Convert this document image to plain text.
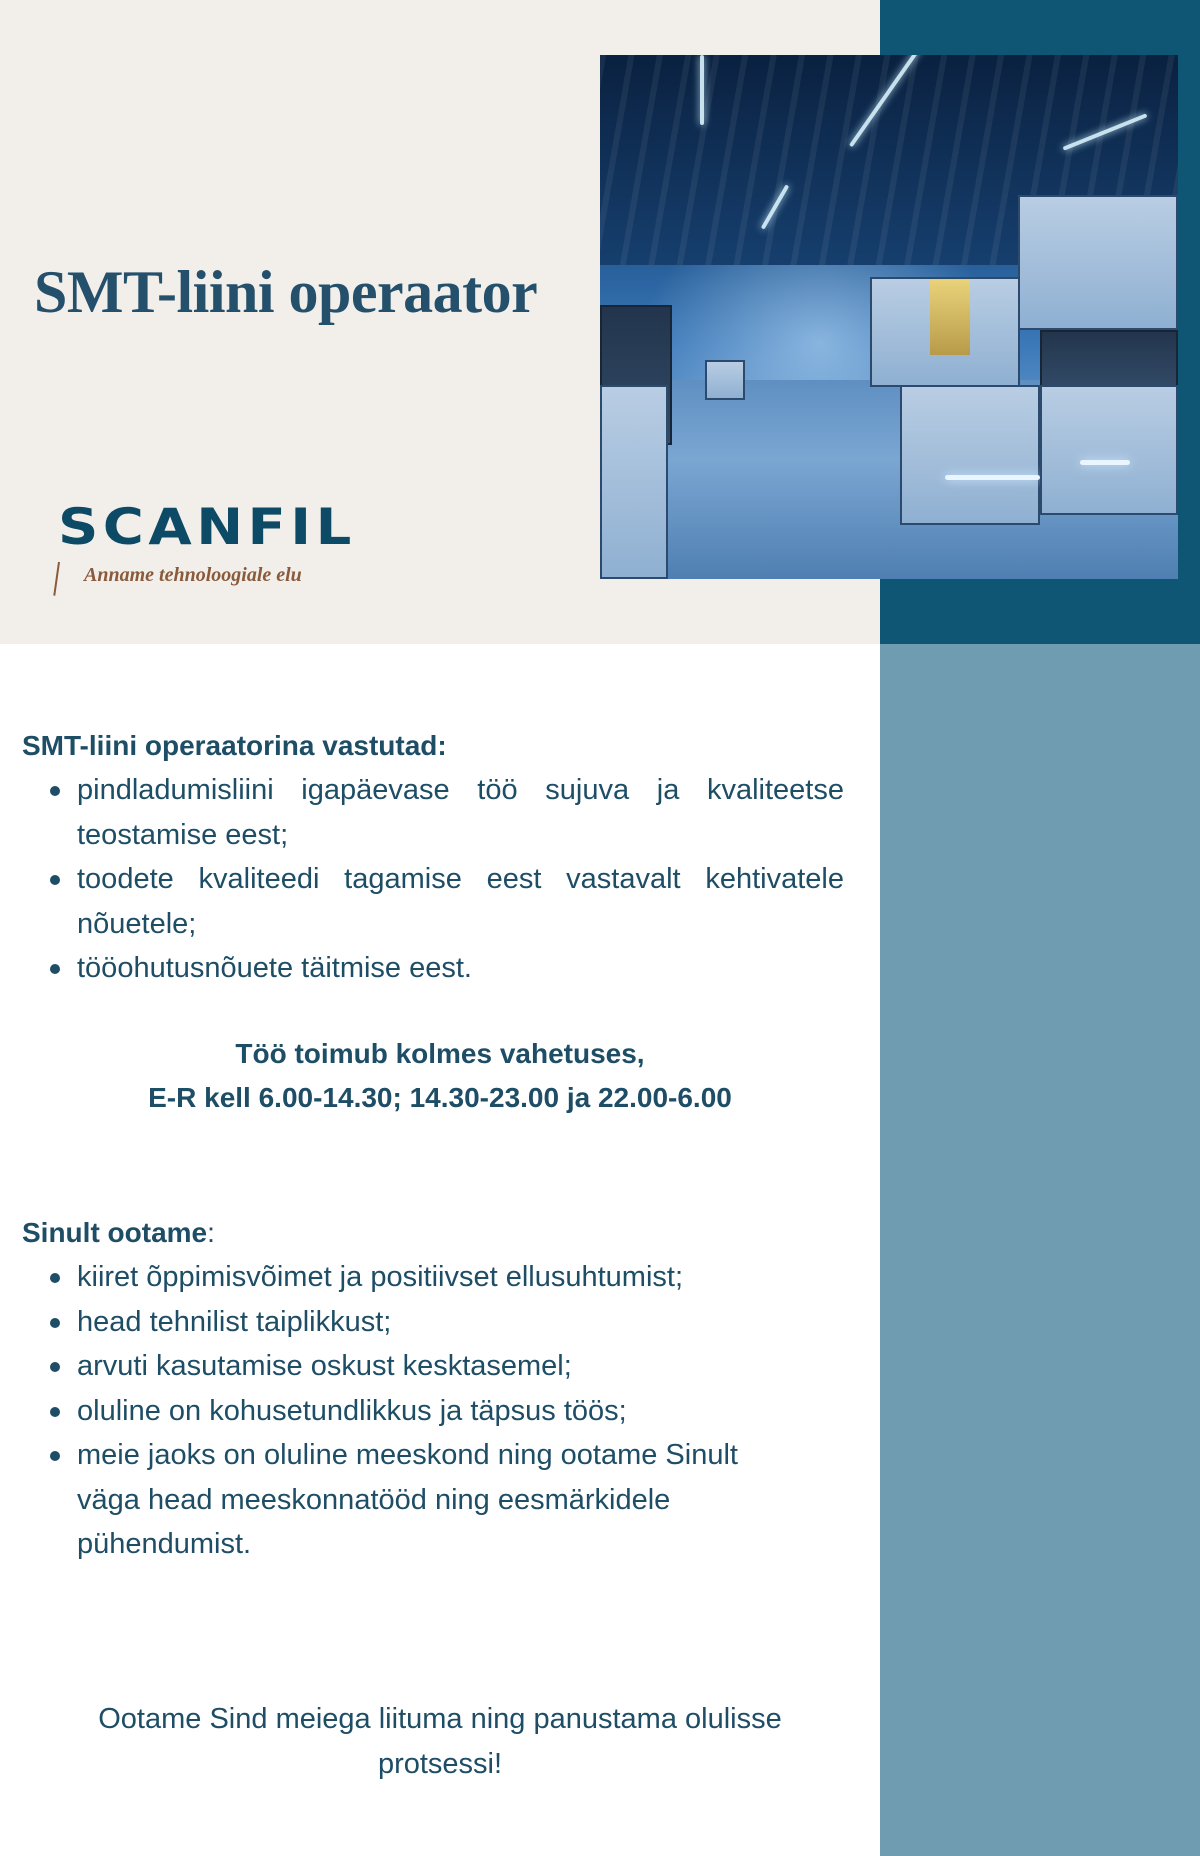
SMT-liini operaator
SCANFIL
Anname tehnoloogiale elu
SMT-liini operaatorina vastutad:
pindladumisliini igapäevase töö sujuva ja kvaliteetse teostamise eest;
toodete kvaliteedi tagamise eest vastavalt kehtivatele nõuetele;
tööohutusnõuete täitmise eest.
Töö toimub kolmes vahetuses,
E-R kell 6.00-14.30; 14.30-23.00 ja 22.00-6.00
Sinult ootame:
kiiret õppimisvõimet ja positiivset ellusuhtumist;
head tehnilist taiplikkust;
arvuti kasutamise oskust kesktasemel;
oluline on kohusetundlikkus ja täpsus töös;
meie jaoks on oluline meeskond ning ootame Sinult väga head meeskonnatööd ning eesmärkidele pühendumist.
Ootame Sind meiega liituma ning panustama olulisse protsessi!
